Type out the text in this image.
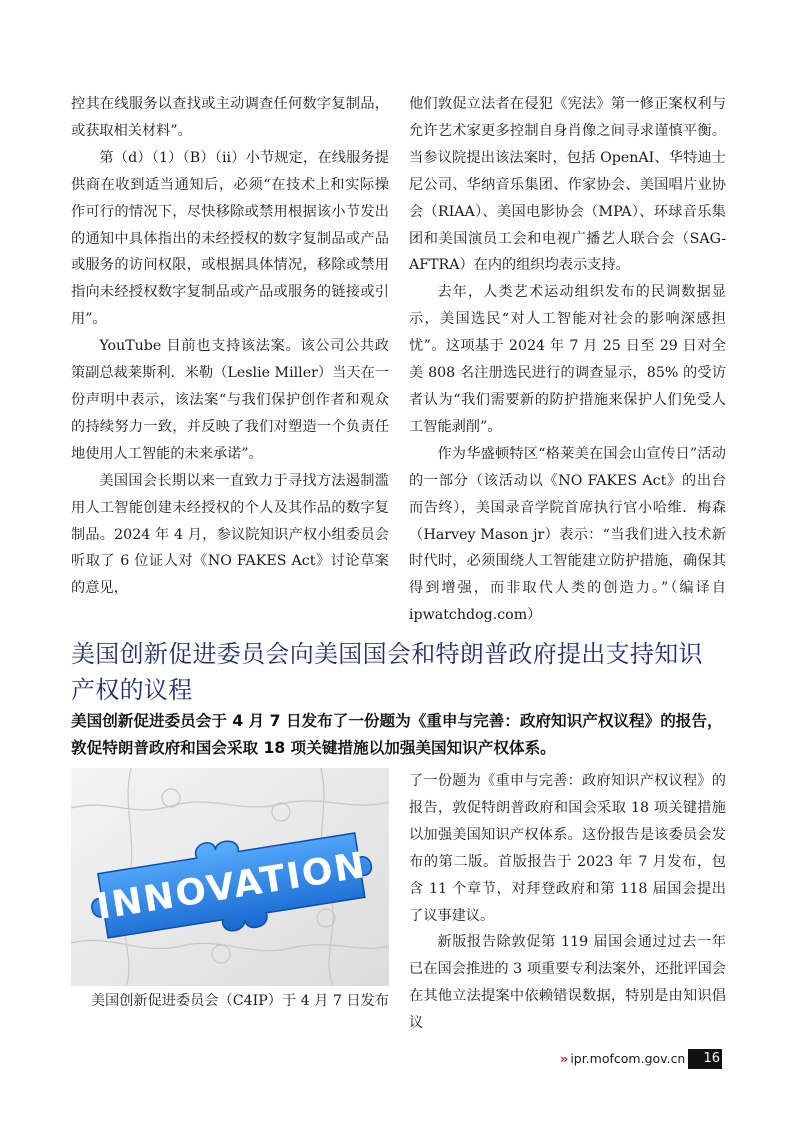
控其在线服务以查找或主动调查任何数字复制品，或获取相关材料”。

第（d）（1）（B）（ii）小节规定，在线服务提供商在收到适当通知后，必须“在技术上和实际操作可行的情况下，尽快移除或禁用根据该小节发出的通知中具体指出的未经授权的数字复制品或产品或服务的访问权限，或根据具体情况，移除或禁用指向未经授权数字复制品或产品或服务的链接或引用”。

YouTube 目前也支持该法案。该公司公共政策副总裁莱斯利．米勒（Leslie Miller）当天在一份声明中表示，该法案“与我们保护创作者和观众的持续努力一致，并反映了我们对塑造一个负责任地使用人工智能的未来承诺”。

美国国会长期以来一直致力于寻找方法遏制滥用人工智能创建未经授权的个人及其作品的数字复制品。2024 年 4 月，参议院知识产权小组委员会听取了 6 位证人对《NO FAKES Act》讨论草案的意见，

他们敦促立法者在侵犯《宪法》第一修正案权利与允许艺术家更多控制自身肖像之间寻求谨慎平衡。当参议院提出该法案时，包括 OpenAI、华特迪士尼公司、华纳音乐集团、作家协会、美国唱片业协会（RIAA）、美国电影协会（MPA）、环球音乐集团和美国演员工会和电视广播艺人联合会（SAG-AFTRA）在内的组织均表示支持。

去年，人类艺术运动组织发布的民调数据显示，美国选民“对人工智能对社会的影响深感担忧”。这项基于 2024 年 7 月 25 日至 29 日对全美 808 名注册选民进行的调查显示，85% 的受访者认为“我们需要新的防护措施来保护人们免受人工智能剥削”。

作为华盛顿特区“格莱美在国会山宣传日”活动的一部分（该活动以《NO FAKES Act》的出台而告终），美国录音学院首席执行官小哈维．梅森（Harvey Mason jr）表示：“当我们进入技术新时代时，必须围绕人工智能建立防护措施，确保其得到增强，而非取代人类的创造力。”（编译自 ipwatchdog.com）

美国创新促进委员会向美国国会和特朗普政府提出支持知识产权的议程

美国创新促进委员会于 4 月 7 日发布了一份题为《重申与完善：政府知识产权议程》的报告，敦促特朗普政府和国会采取 18 项关键措施以加强美国知识产权体系。

INNOVATION

美国创新促进委员会（C4IP）于 4 月 7 日发布

了一份题为《重申与完善：政府知识产权议程》的报告，敦促特朗普政府和国会采取 18 项关键措施以加强美国知识产权体系。这份报告是该委员会发布的第二版。首版报告于 2023 年 7 月发布，包含 11 个章节，对拜登政府和第 118 届国会提出了议事建议。

新版报告除敦促第 119 届国会通过过去一年已在国会推进的 3 项重要专利法案外，还批评国会在其他立法提案中依赖错误数据，特别是由知识倡议

›› ipr.mofcom.gov.cn	16
